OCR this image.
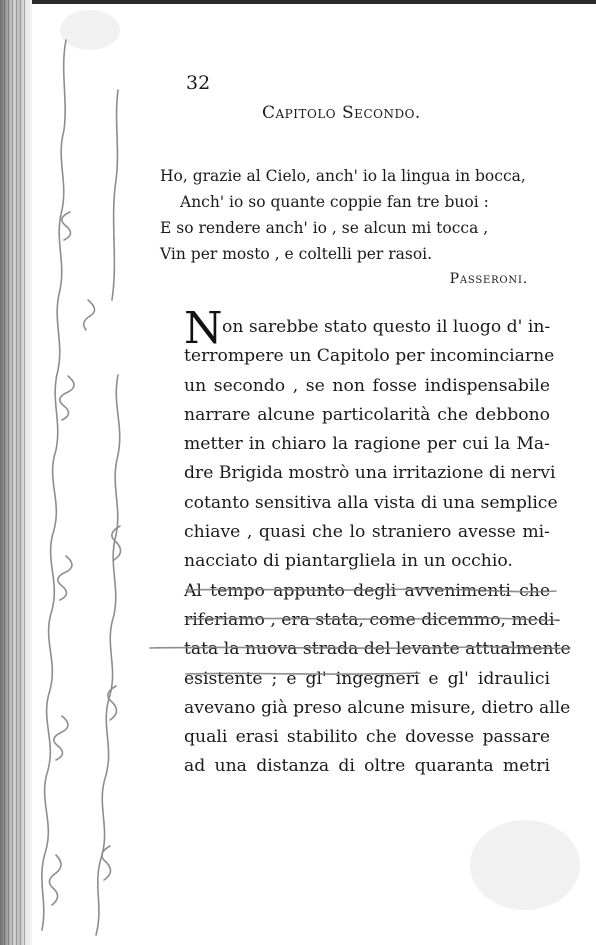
32
Capitolo Secondo.
Ho, grazie al Cielo, anch' io la lingua in bocca,
Anch' io so quante coppie fan tre buoi :
E so rendere anch' io , se alcun mi tocca ,
Vin per mosto , e coltelli per rasoi.
Passeroni.
N on sarebbe stato questo il luogo d' in-
terrompere un Capitolo per incominciarne
un secondo , se non fosse indispensabile
narrare alcune particolarità che debbono
metter in chiaro la ragione per cui la Ma-
dre Brigida mostrò una irritazione di nervi
cotanto sensitiva alla vista di una semplice
chiave , quasi che lo straniero avesse mi-
nacciato di piantargliela in un occhio.
Al tempo appunto degli avvenimenti che
riferiamo , era stata, come dicemmo, medi-
tata la nuova strada del levante attualmente
esistente ; e gl' ingegneri e gl' idraulici
avevano già preso alcune misure, dietro alle
quali erasi stabilito che dovesse passare
ad una distanza di oltre quaranta metri
